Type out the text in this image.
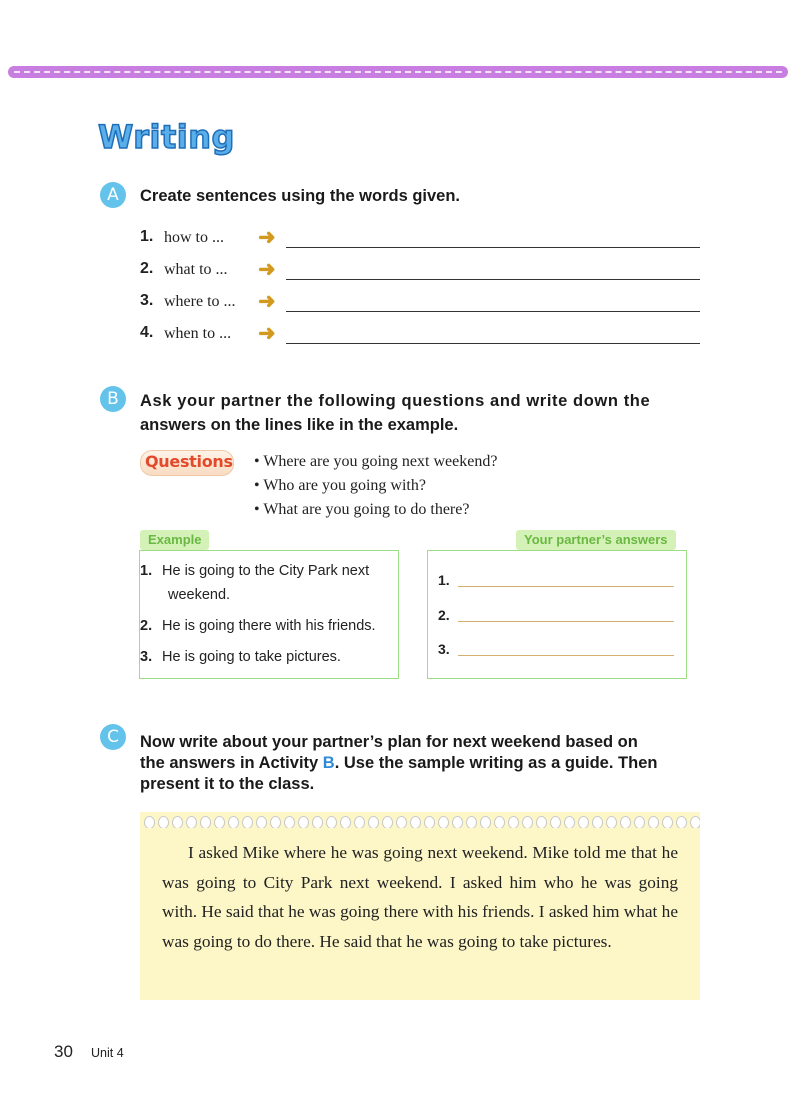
Writing
A	Create sentences using the words given.
1. how to ... ➜
2. what to ... ➜
3. where to ... ➜
4. when to ... ➜
B	Ask your partner the following questions and write down the
answers on the lines like in the example.
Questions
•	Where are you going next weekend?
• Who are you going with?
• What are you going to do there?
Example
1. He is going to the City Park next
weekend.
2. He is going there with his friends.
3. He is going to take pictures.
Your partner’s answers
1.
2.
3.
C	Now write about your partner’s plan for next weekend based on
the answers in Activity B. Use the sample writing as a guide. Then
present it to the class.
I asked Mike where he was going next weekend. Mike told me that he was going to City Park next weekend. I asked him who he was going with. He said that he was going there with his friends. I asked him what he was going to do there. He said that he was going to take pictures.
30 Unit 4
